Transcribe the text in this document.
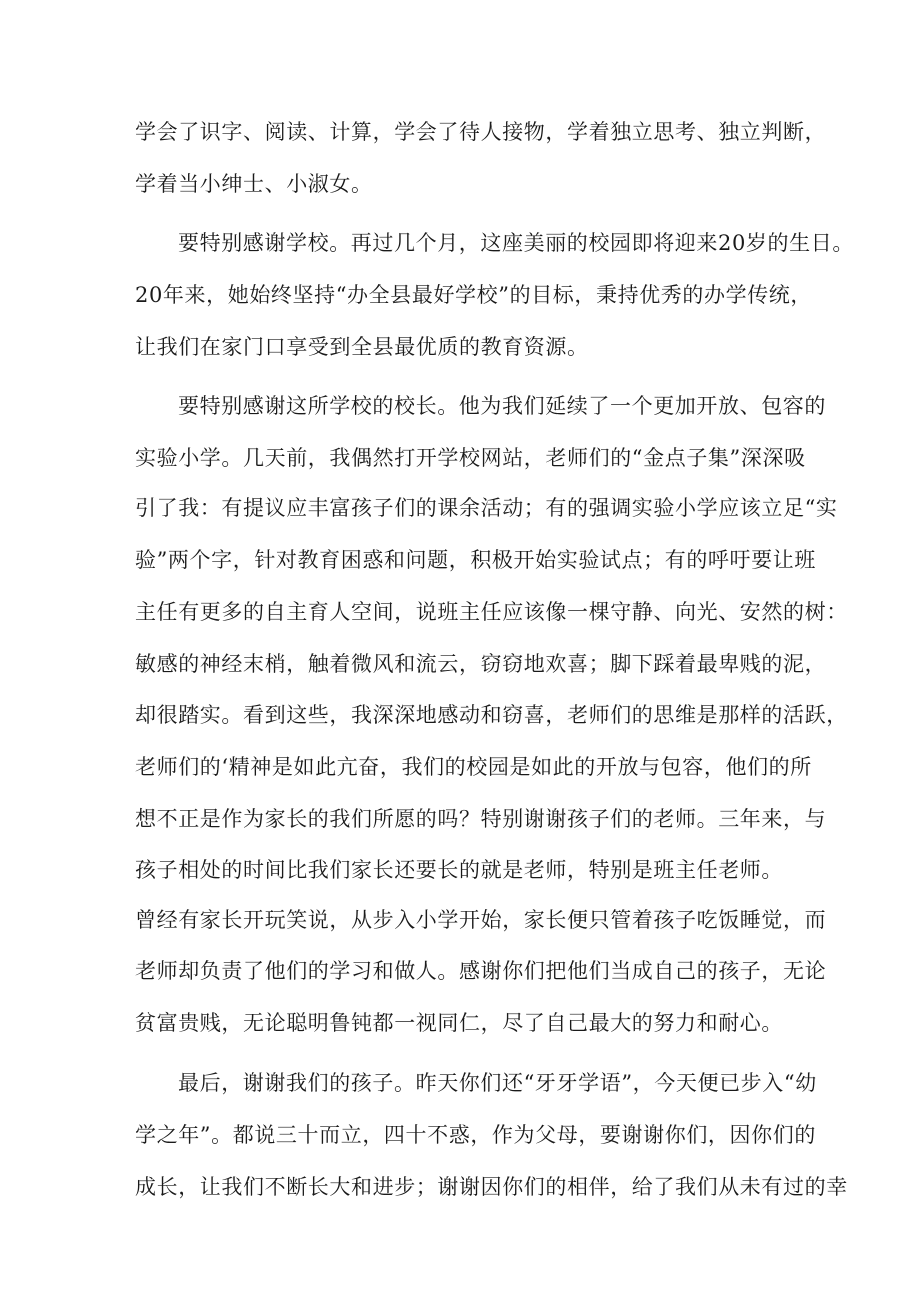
学会了识字、阅读、计算，学会了待人接物，学着独立思考、独立判断，
学着当小绅士、小淑女。
要特别感谢学校。再过几个月，这座美丽的校园即将迎来20岁的生日。
20年来，她始终坚持“办全县最好学校”的目标，秉持优秀的办学传统，
让我们在家门口享受到全县最优质的教育资源。
要特别感谢这所学校的校长。他为我们延续了一个更加开放、包容的
实验小学。几天前，我偶然打开学校网站，老师们的“金点子集”深深吸
引了我：有提议应丰富孩子们的课余活动；有的强调实验小学应该立足“实
验”两个字，针对教育困惑和问题，积极开始实验试点；有的呼吁要让班
主任有更多的自主育人空间，说班主任应该像一棵守静、向光、安然的树：
敏感的神经末梢，触着微风和流云，窃窃地欢喜；脚下踩着最卑贱的泥，
却很踏实。看到这些，我深深地感动和窃喜，老师们的思维是那样的活跃，
老师们的‘精神是如此亢奋，我们的校园是如此的开放与包容，他们的所
想不正是作为家长的我们所愿的吗？特别谢谢孩子们的老师。三年来，与
孩子相处的时间比我们家长还要长的就是老师，特别是班主任老师。
曾经有家长开玩笑说，从步入小学开始，家长便只管着孩子吃饭睡觉，而
老师却负责了他们的学习和做人。感谢你们把他们当成自己的孩子，无论
贫富贵贱，无论聪明鲁钝都一视同仁，尽了自己最大的努力和耐心。
最后，谢谢我们的孩子。昨天你们还“牙牙学语”，今天便已步入“幼
学之年”。都说三十而立，四十不惑，作为父母，要谢谢你们，因你们的
成长，让我们不断长大和进步；谢谢因你们的相伴，给了我们从未有过的幸
